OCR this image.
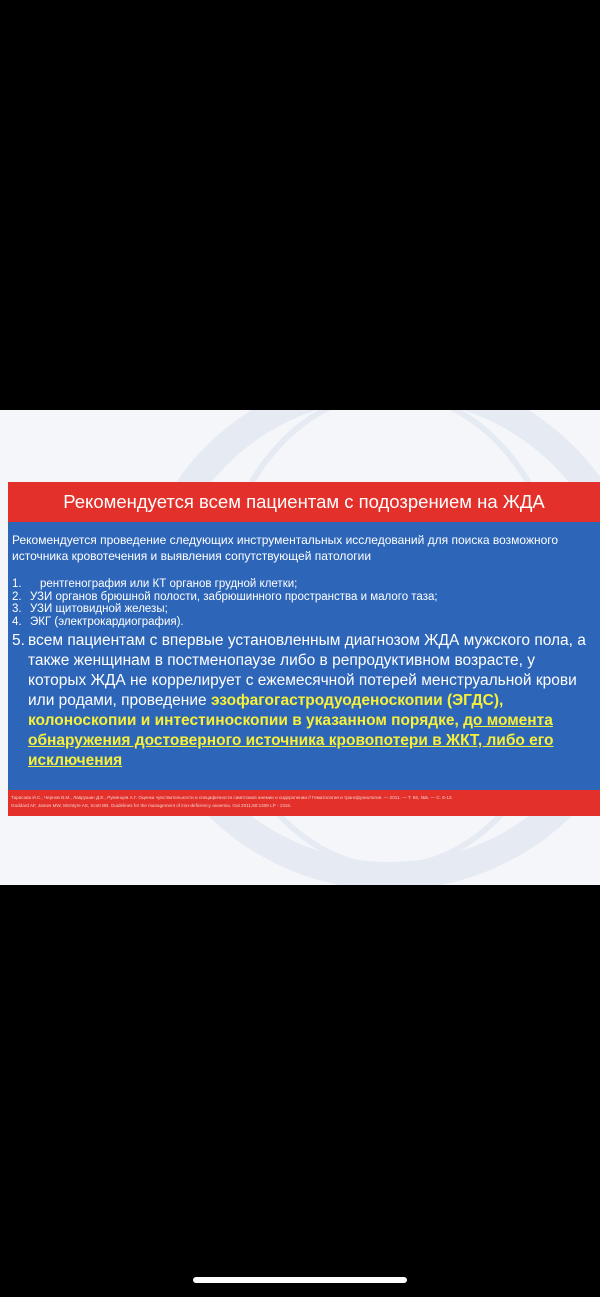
Рекомендуется всем пациентам с подозрением на ЖДА
Рекомендуется проведение следующих инструментальных исследований для поиска возможного источника кровотечения и выявления сопутствующей патологии
1. рентгенография или КТ органов грудной клетки;
2. УЗИ органов брюшной полости, забрюшинного пространства и малого таза;
3. УЗИ щитовидной железы;
4. ЭКГ (электрокардиография).
5. всем пациентам с впервые установленным диагнозом ЖДА мужского пола, а также женщинам в постменопаузе либо в репродуктивном возрасте, у которых ЖДА не коррелирует с ежемесячной потерей менструальной крови или родами, проведение эзофагогастродуоденоскопии (ЭГДС), колоноскопии и интестиноскопии в указанном порядке, до момента обнаружения достоверного источника кровопотери в ЖКТ, либо его исключения
Тарасова И.С., Чернов В.М., Лаврушин Д.Е., Румянцев А.Г. Оценка чувствительности и специфичности симптомов анемии и сидеропении // Гематология и трансфузиология. — 2011. — Т. 56, №5. — С. 6-13.
Goddard AF, James MW, McIntyre AS, Scott BB. Guidelines for the management of iron-deficiency anaemia. Gut 2011;60:1309 LP - 1316.
